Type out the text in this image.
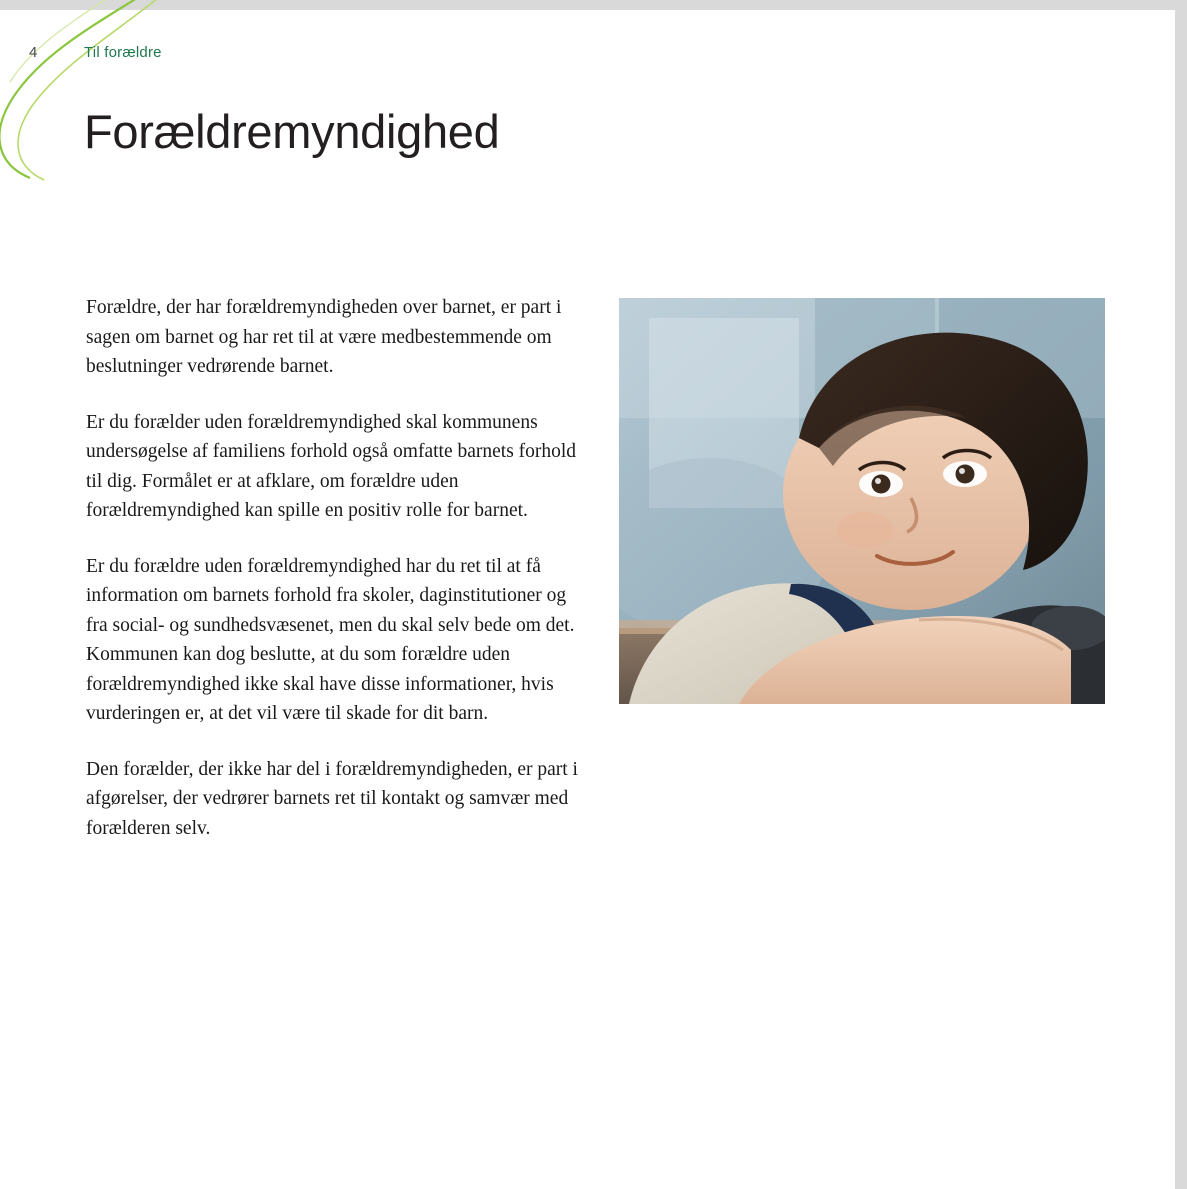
4	Til forældre
Forældremyndighed

Forældre, der har forældremyndigheden over barnet, er part i sagen om barnet og har ret til at være medbestemmende om beslutninger vedrørende barnet.

Er du forælder uden forældremyndighed skal kommunens undersøgelse af familiens forhold også omfatte barnets forhold til dig. Formålet er at afklare, om forældre uden forældremyndighed kan spille en positiv rolle for barnet.

Er du forældre uden forældremyndighed har du ret til at få information om barnets forhold fra skoler, daginstitutioner og fra social- og sundhedsvæsenet, men du skal selv bede om det. Kommunen kan dog beslutte, at du som forældre uden forældremyndighed ikke skal have disse informationer, hvis vurderingen er, at det vil være til skade for dit barn.

Den forælder, der ikke har del i forældremyndigheden, er part i afgørelser, der vedrører barnets ret til kontakt og samvær med forælderen selv.
